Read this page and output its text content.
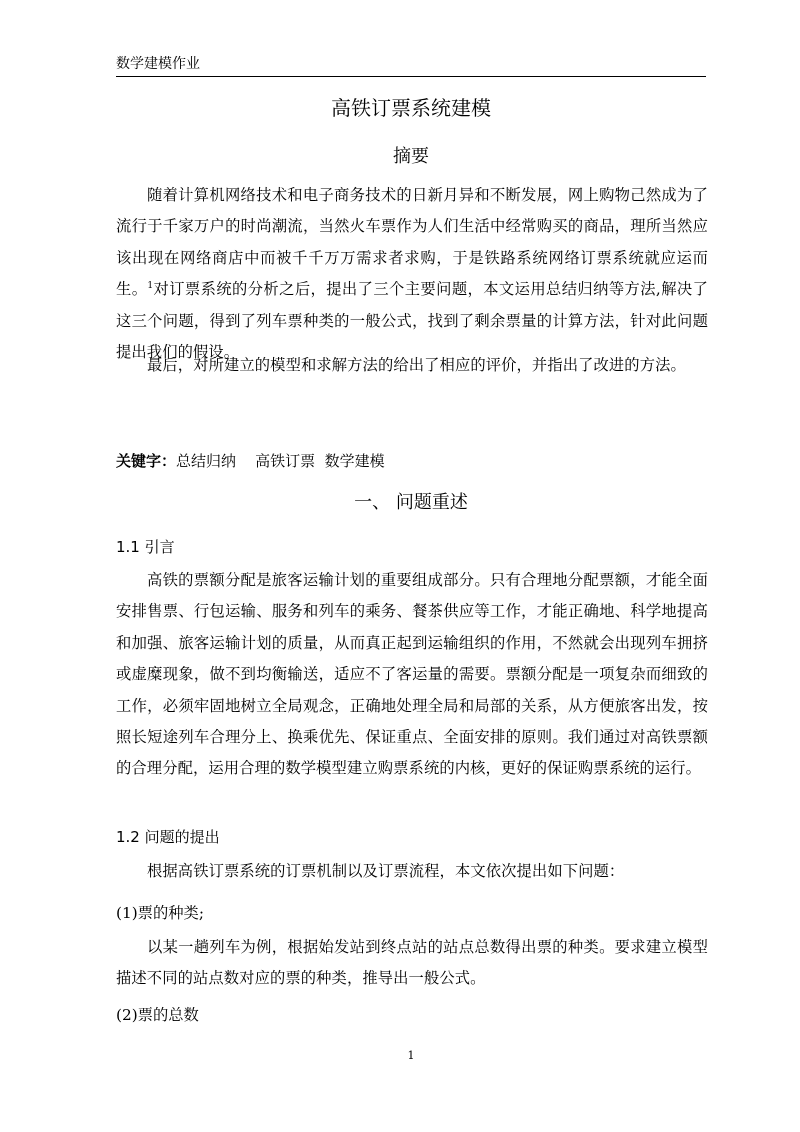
数学建模作业
高铁订票系统建模
摘要

随着计算机网络技术和电子商务技术的日新月异和不断发展，网上购物己然成为了流行于千家万户的时尚潮流，当然火车票作为人们生活中经常购买的商品，理所当然应该出现在网络商店中而被千千万万需求者求购，于是铁路系统网络订票系统就应运而生。$^1$对订票系统的分析之后，提出了三个主要问题，本文运用总结归纳等方法,解决了这三个问题，得到了列车票种类的一般公式，找到了剩余票量的计算方法，针对此问题提出我们的假设。

最后，对所建立的模型和求解方法的给出了相应的评价，并指出了改进的方法。

关键字：总结归纳    高铁订票  数学建模
一、 问题重述
1.1 引言

高铁的票额分配是旅客运输计划的重要组成部分。只有合理地分配票额，才能全面安排售票、行包运输、服务和列车的乘务、餐茶供应等工作，才能正确地、科学地提高和加强、旅客运输计划的质量，从而真正起到运输组织的作用，不然就会出现列车拥挤或虚糜现象，做不到均衡输送，适应不了客运量的需要。票额分配是一项复杂而细致的工作，必须牢固地树立全局观念，正确地处理全局和局部的关系，从方便旅客出发，按照长短途列车合理分上、换乘优先、保证重点、全面安排的原则。我们通过对高铁票额的合理分配，运用合理的数学模型建立购票系统的内核，更好的保证购票系统的运行。

1.2 问题的提出

根据高铁订票系统的订票机制以及订票流程，本文依次提出如下问题：

(1)票的种类;

以某一趟列车为例，根据始发站到终点站的站点总数得出票的种类。要求建立模型描述不同的站点数对应的票的种类，推导出一般公式。

(2)票的总数
1
